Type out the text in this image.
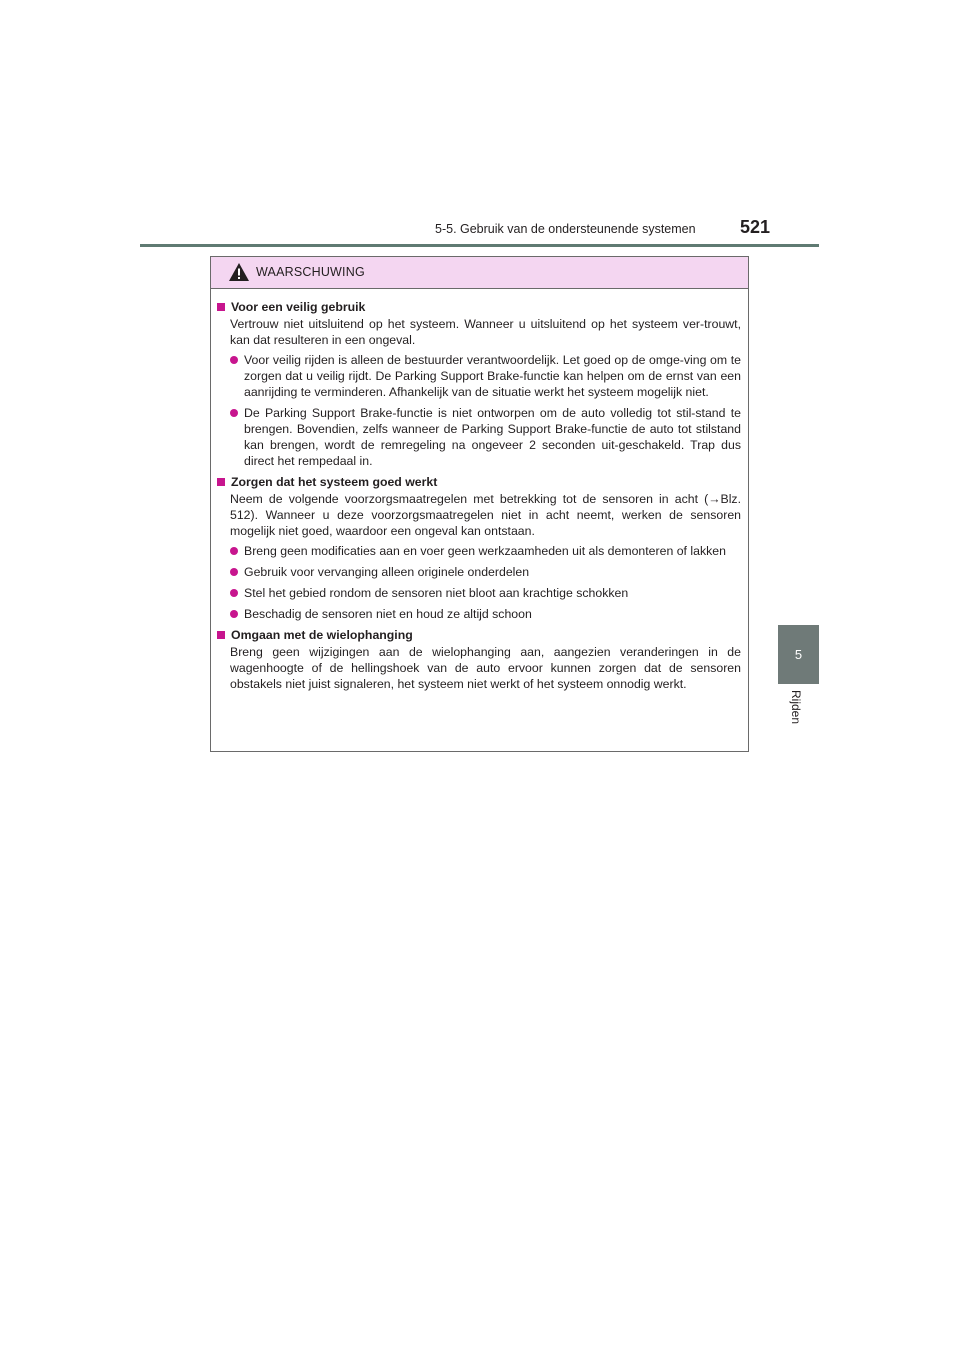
5-5. Gebruik van de ondersteunende systemen 521
5
Rijden
WAARSCHUWING
Voor een veilig gebruik
Vertrouw niet uitsluitend op het systeem. Wanneer u uitsluitend op het systeem ver-trouwt, kan dat resulteren in een ongeval.
Voor veilig rijden is alleen de bestuurder verantwoordelijk. Let goed op de omge-ving om te zorgen dat u veilig rijdt. De Parking Support Brake-functie kan helpen om de ernst van een aanrijding te verminderen. Afhankelijk van de situatie werkt het systeem mogelijk niet.
De Parking Support Brake-functie is niet ontworpen om de auto volledig tot stil-stand te brengen. Bovendien, zelfs wanneer de Parking Support Brake-functie de auto tot stilstand kan brengen, wordt de remregeling na ongeveer 2 seconden uit-geschakeld. Trap dus direct het rempedaal in.
Zorgen dat het systeem goed werkt
Neem de volgende voorzorgsmaatregelen met betrekking tot de sensoren in acht (→Blz. 512). Wanneer u deze voorzorgsmaatregelen niet in acht neemt, werken de sensoren mogelijk niet goed, waardoor een ongeval kan ontstaan.
Breng geen modificaties aan en voer geen werkzaamheden uit als demonteren of lakken
Gebruik voor vervanging alleen originele onderdelen
Stel het gebied rondom de sensoren niet bloot aan krachtige schokken
Beschadig de sensoren niet en houd ze altijd schoon
Omgaan met de wielophanging
Breng geen wijzigingen aan de wielophanging aan, aangezien veranderingen in de wagenhoogte of de hellingshoek van de auto ervoor kunnen zorgen dat de sensoren obstakels niet juist signaleren, het systeem niet werkt of het systeem onnodig werkt.
